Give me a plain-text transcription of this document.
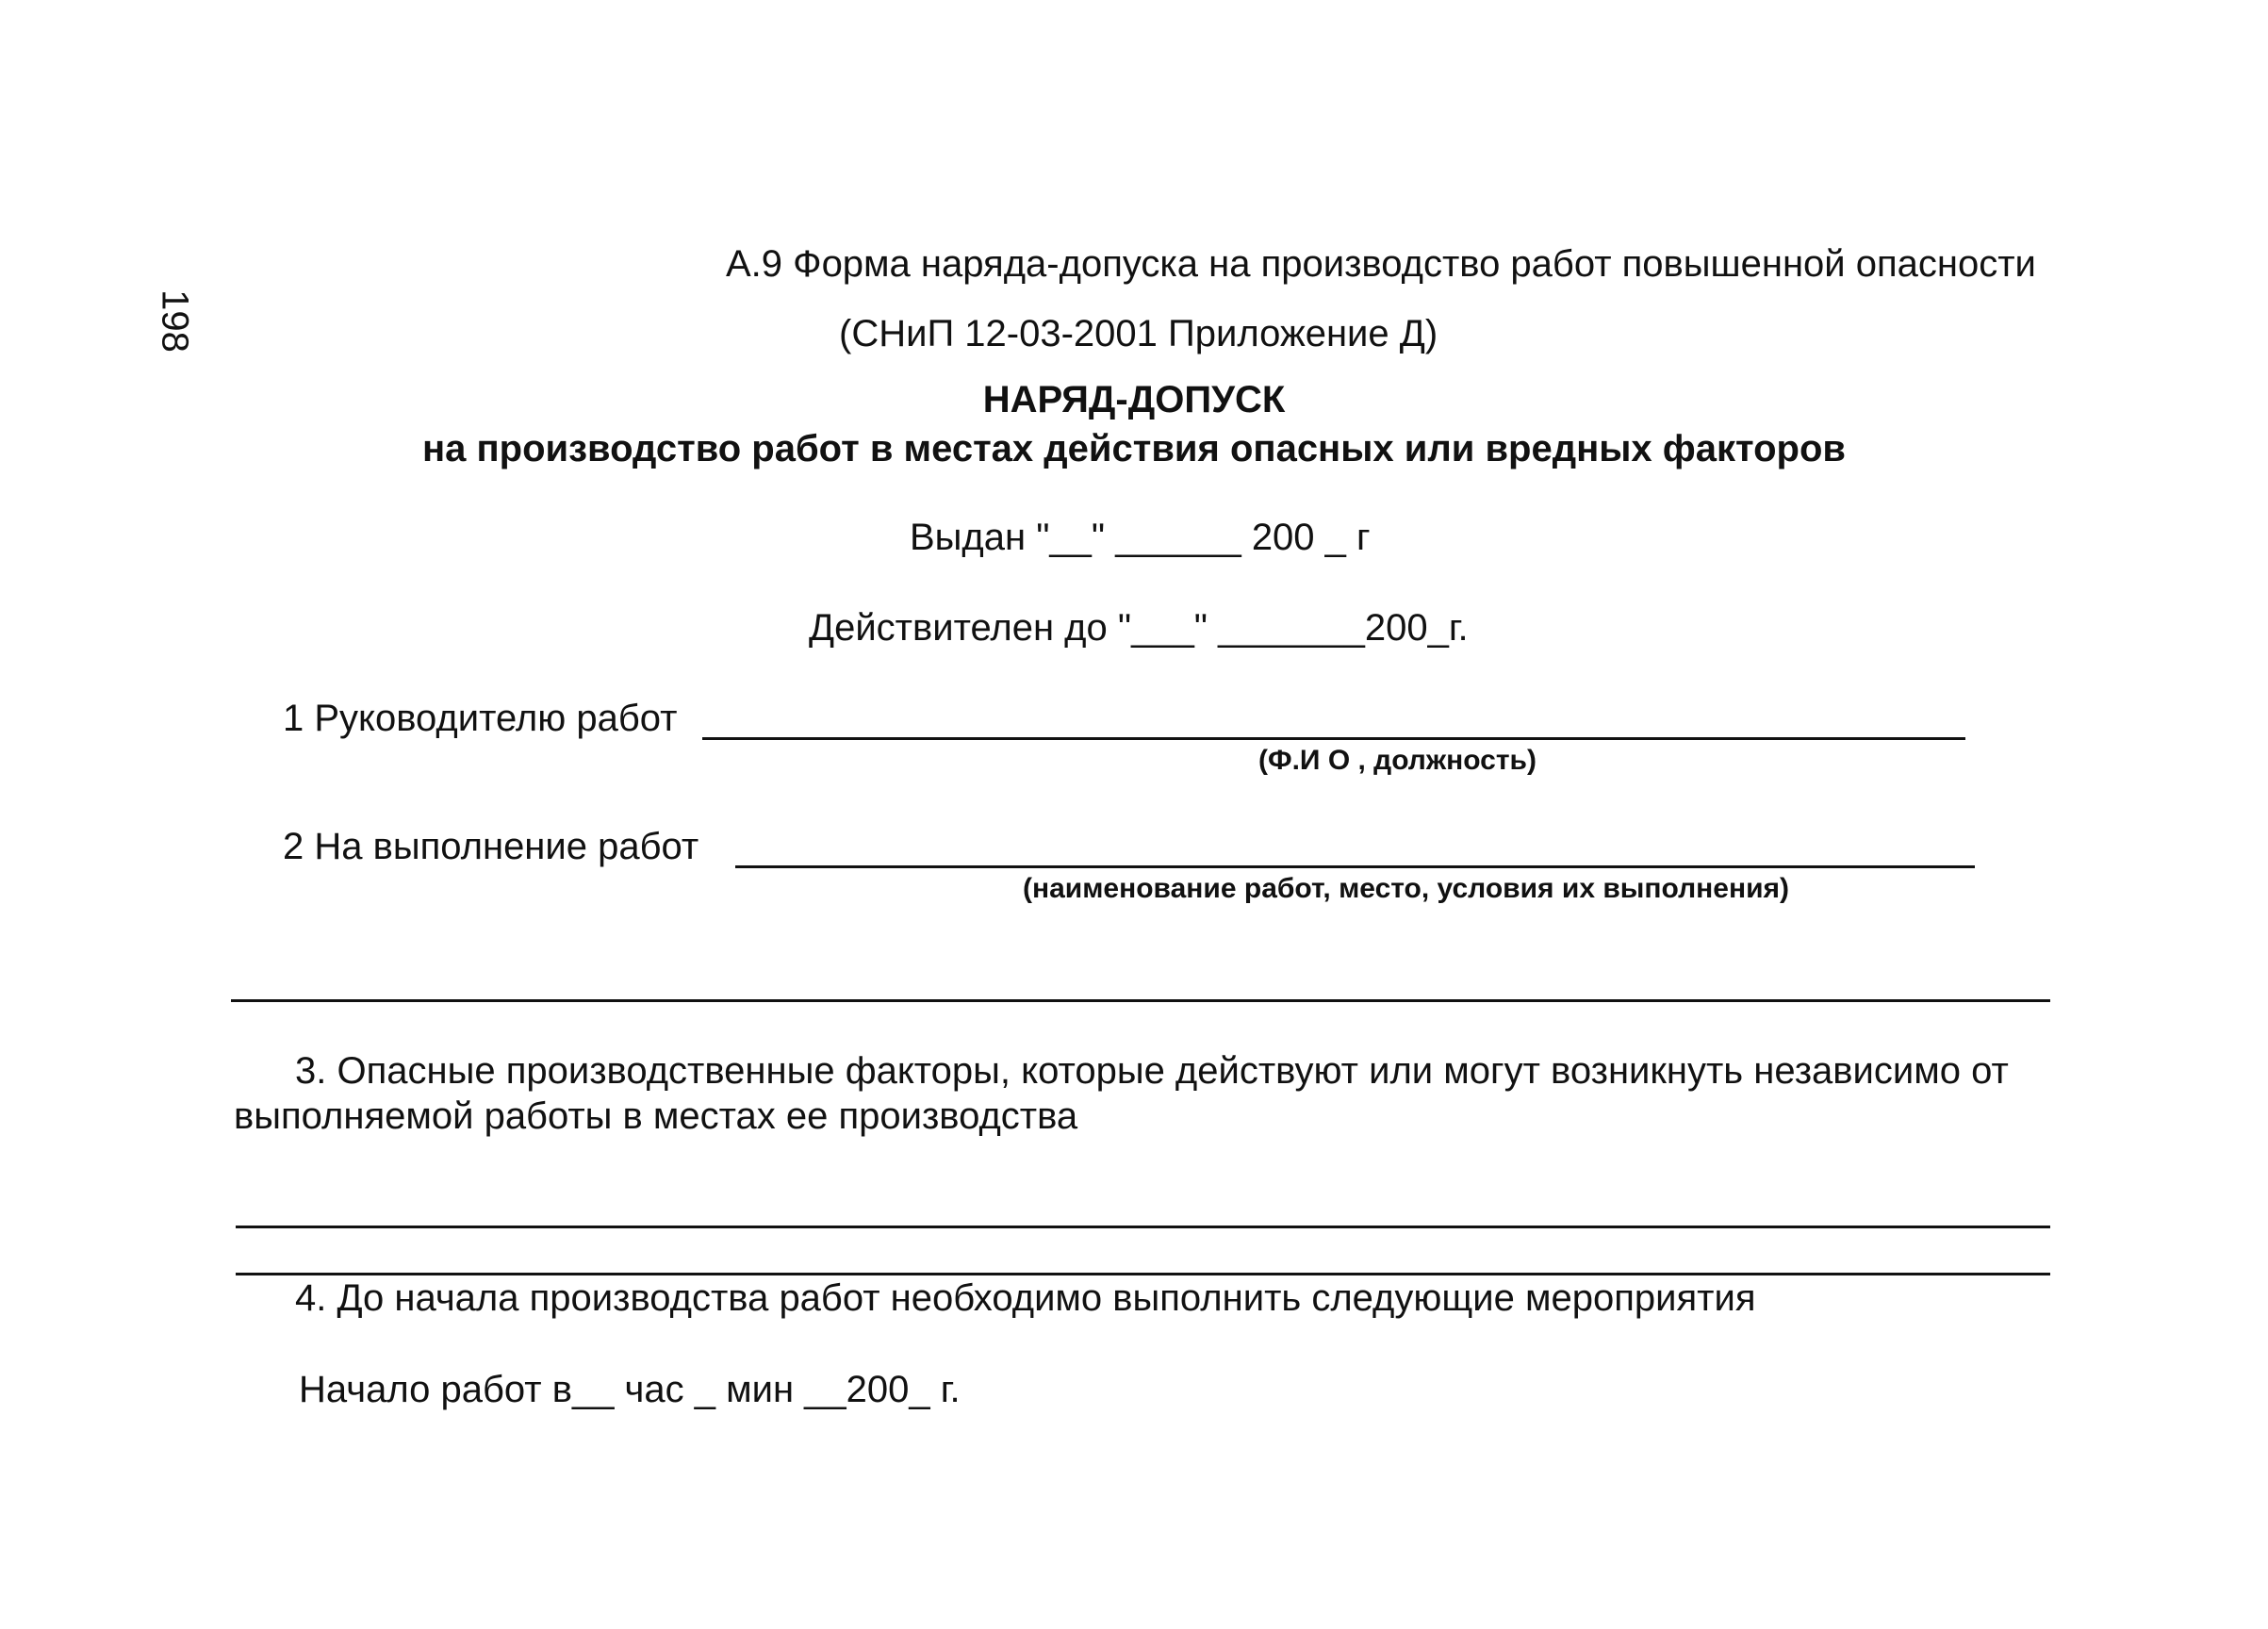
198
А.9 Форма наряда-допуска на производство работ повышенной опасности
(СНиП 12-03-2001 Приложение Д)
НАРЯД-ДОПУСК
на производство работ в местах действия опасных или вредных факторов
Выдан "__" ______ 200 _ г
Действителен до "___" _______200_г.
1 Руководителю работ
(Ф.И О , должность)
2 На выполнение работ
(наименование работ, место, условия их выполнения)
3. Опасные производственные факторы, которые действуют или могут возникнуть независимо от выполняемой работы в местах ее производства
4. До начала производства работ необходимо выполнить следующие мероприятия
Начало работ в__ час _ мин __200_ г.
